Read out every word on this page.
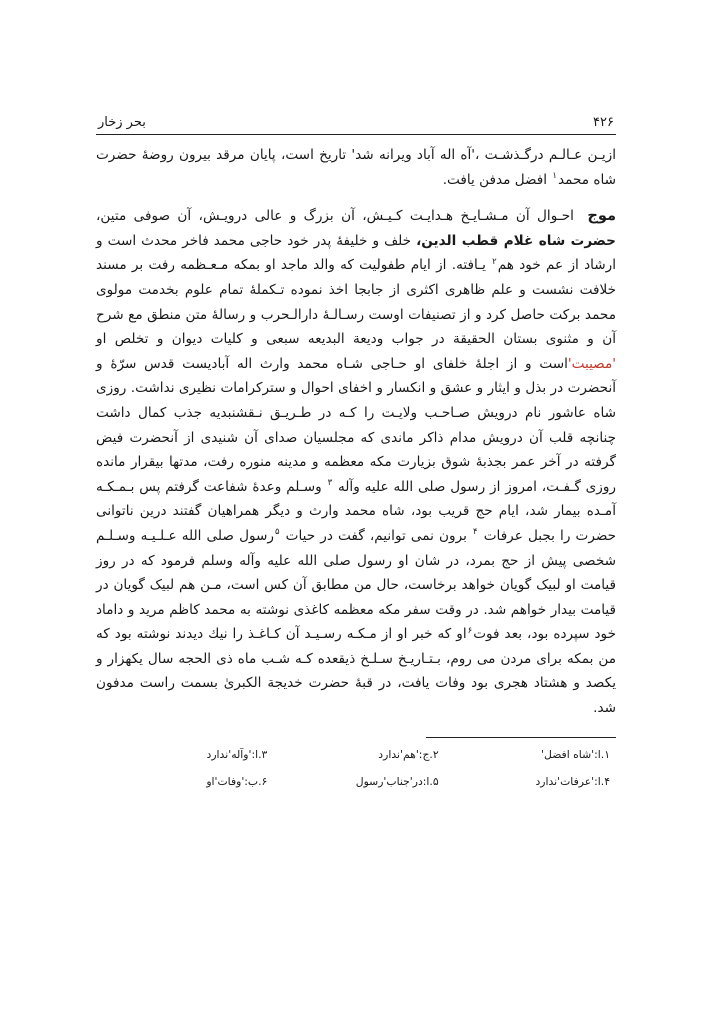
۴۲۶
بحر زخار

ازیـن عـالـم درگـذشـت ،'آه اله آباد ویرانه شد' تاریخ است، پایان مرقد بیرون روضهٔ حضرت شاه محمد$^۱$ افضل مدفن یافت.

موج احـوال آن مـشـایـخ هـدایـت کـیـش، آن بزرگ و عالی درویـش، آن صوفی متین، حضرت شاه غلام قطب الدین، خلف و خلیفهٔ پدر خود حاجی محمد فاخر محدث است و ارشاد از عم خود هم$^۲$ یـافته. از ایام طفولیت که والد ماجد او بمکه مـعـظمه رفت بر مسند خلافت نشست و علم ظاهری اکثری از جابجا اخذ نموده تـکملهٔ تمام علوم بخدمت مولوی محمد برکت حاصل کرد و از تصنیفات اوست رسـالـهٔ دارالـحرب و رسالهٔ متن منطق مع شرح آن و مثنوی بستان الحقیقة در جواب ودیعة البدیعه سبعی و کلیات دیوان و تخلص او 'مصیبت'است و از اجلهٔ خلفای او حـاجی شـاه محمد وارث اله آبادیست قدس سرّهٔ و آنحضرت در بذل و ایثار و عشق و انکسار و اخفای احوال و سترکرامات نظیری نداشت. روزی شاه عاشور نام درویش صـاحـب ولایـت را کـه در طـریـق نـقشنبدیه جذب کمال داشت چنانچه قلب آن درویش مدام ذاکر ماندی که مجلسیان صدای آن شنیدی از آنحضرت فیض گرفته در آخر عمر بجذبهٔ شوق بزیارت مکه معظمه و مدینه منوره رفت، مدتها بیقرار مانده روزی گـفـت، امروز از رسول صلی الله علیه وآله $^۳$ وسـلم وعدهٔ شفاعت گرفتم پس بـمـکـه آمـده بیمار شد، ایام حج قریب بود، شاه محمد وارث و دیگر همراهیان گفتند درین ناتوانی حضرت را بجبل عرفات $^۴$ برون نمی توانیم، گفت در حیات $^۵$رسول صلی الله عـلـیـه وسـلـم شخصی پیش از حج بمرد، در شان او رسول صلی الله علیه وآله وسلم فرمود که در روز قیامت او لبیک گویان خواهد برخاست، حال من مطابق آن کس است، مـن هم لبیک گویان در قیامت بیدار خواهم شد. در وقت سفر مکه معظمه کاغذی نوشته به محمد کاظم مرید و داماد خود سپرده بود، بعد فوت$^۶$او که خبر او از مـکـه رسـیـد آن کـاغـذ را نیك دیدند نوشته بود که من بمکه برای مردن می روم، بـتـاریـخ سـلـخ ذیقعده کـه شـب ماه ذی الحجه سال یکهزار و یکصد و هشتاد هجری بود وفات یافت، در قبهٔ حضرت خدیجة الکبریٰ بسمت راست مدفون شد.

۱.ا:'شاه افضل'
۲.ج:'هم'ندارد
۳.ا:'وآله'ندارد
۴.ا:'عرفات'ندارد
۵.ا:در'جناب'رسول
۶.ب:'وفات'او
